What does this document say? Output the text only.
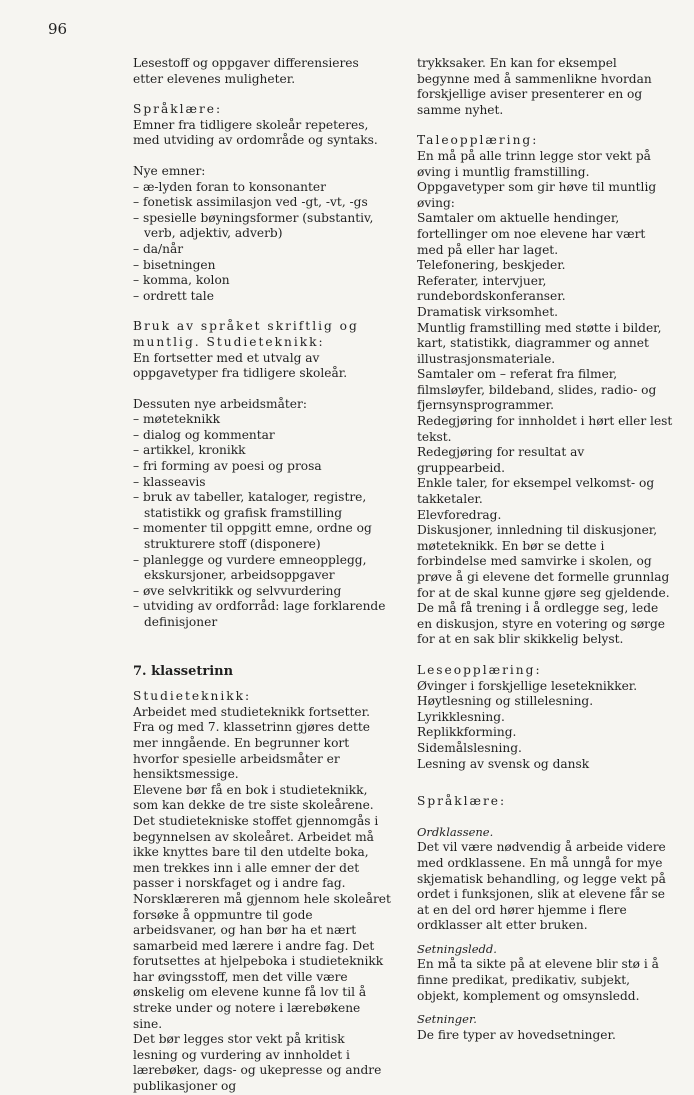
96

Lesestoff og oppgaver differensieres etter elevenes muligheter.

Språklære:

Emner fra tidligere skoleår repeteres, med utviding av ordområde og syntaks.

Nye emner:

– æ-lyden foran to konsonanter
– fonetisk assimilasjon ved -gt, -vt, -gs
– spesielle bøyningsformer (substantiv, verb, adjektiv, adverb)
– da/når
– bisetningen
– komma, kolon
– ordrett tale

Bruk av språket skriftlig og muntlig. Studieteknikk:

En fortsetter med et utvalg av oppgavetyper fra tidligere skoleår.

Dessuten nye arbeidsmåter:

– møteteknikk
– dialog og kommentar
– artikkel, kronikk
– fri forming av poesi og prosa
– klasseavis
– bruk av tabeller, kataloger, registre, statistikk og grafisk framstilling
– momenter til oppgitt emne, ordne og strukturere stoff (disponere)
– planlegge og vurdere emneopplegg, ekskursjoner, arbeidsoppgaver
– øve selvkritikk og selvvurdering
– utviding av ordforråd: lage forklarende definisjoner

7. klassetrinn

Studieteknikk:

Arbeidet med studieteknikk fortsetter.

Fra og med 7. klassetrinn gjøres dette mer inngående. En begrunner kort hvorfor spesielle arbeidsmåter er hensiktsmessige.

Elevene bør få en bok i studieteknikk, som kan dekke de tre siste skoleårene.

Det studietekniske stoffet gjennomgås i begynnelsen av skoleåret. Arbeidet må ikke knyttes bare til den utdelte boka, men trekkes inn i alle emner der det passer i norskfaget og i andre fag.

Norsklæreren må gjennom hele skoleåret forsøke å oppmuntre til gode arbeidsvaner, og han bør ha et nært samarbeid med lærere i andre fag. Det forutsettes at hjelpeboka i studieteknikk har øvingsstoff, men det ville være ønskelig om elevene kunne få lov til å streke under og notere i lærebøkene sine.

Det bør legges stor vekt på kritisk lesning og vurdering av innholdet i lærebøker, dags- og ukepresse og andre publikasjoner og

trykksaker. En kan for eksempel begynne med å sammenlikne hvordan forskjellige aviser presenterer en og samme nyhet.

Taleopplæring:

En må på alle trinn legge stor vekt på øving i muntlig framstilling.

Oppgavetyper som gir høve til muntlig øving:

Samtaler om aktuelle hendinger, fortellinger om noe elevene har vært med på eller har laget.

Telefonering, beskjeder.

Referater, intervjuer, rundebordskonferanser.

Dramatisk virksomhet.

Muntlig framstilling med støtte i bilder, kart, statistikk, diagrammer og annet illustrasjonsmateriale.

Samtaler om – referat fra filmer, filmsløyfer, bildeband, slides, radio- og fjernsynsprogrammer.

Redegjøring for innholdet i hørt eller lest tekst.

Redegjøring for resultat av gruppearbeid.

Enkle taler, for eksempel velkomst- og takketaler.

Elevforedrag.

Diskusjoner, innledning til diskusjoner, møteteknikk. En bør se dette i forbindelse med samvirke i skolen, og prøve å gi elevene det formelle grunnlag for at de skal kunne gjøre seg gjeldende. De må få trening i å ordlegge seg, lede en diskusjon, styre en votering og sørge for at en sak blir skikkelig belyst.

Leseopplæring:

Øvinger i forskjellige leseteknikker.

Høytlesning og stillelesning.

Lyrikklesning.

Replikkforming.

Sidemålslesning.

Lesning av svensk og dansk

Språklære:

Ordklassene.

Det vil være nødvendig å arbeide videre med ordklassene. En må unngå for mye skjematisk behandling, og legge vekt på ordet i funksjonen, slik at elevene får se at en del ord hører hjemme i flere ordklasser alt etter bruken.

Setningsledd.

En må ta sikte på at elevene blir stø i å finne predikat, predikativ, subjekt, objekt, komplement og omsynsledd.

Setninger.

De fire typer av hovedsetninger.
